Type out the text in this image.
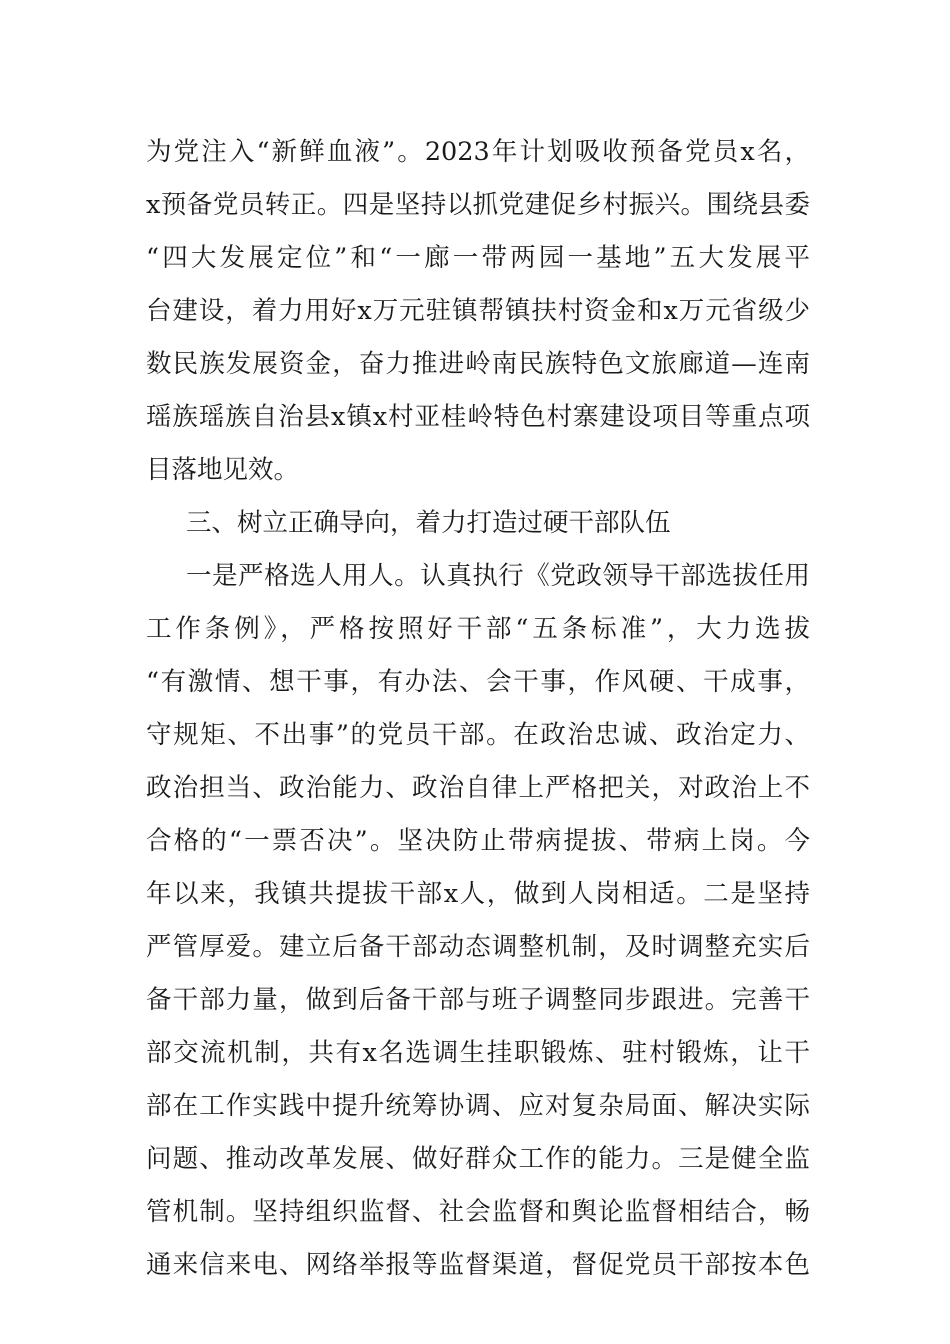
为党注入“新鲜血液”。2023年计划吸收预备党员x名，
x预备党员转正。四是坚持以抓党建促乡村振兴。围绕县委
“四大发展定位”和“一廊一带两园一基地”五大发展平
台建设，着力用好x万元驻镇帮镇扶村资金和x万元省级少
数民族发展资金，奋力推进岭南民族特色文旅廊道—连南
瑶族瑶族自治县x镇x村亚桂岭特色村寨建设项目等重点项
目落地见效。
三、树立正确导向，着力打造过硬干部队伍
一是严格选人用人。认真执行《党政领导干部选拔任用
工作条例》，严格按照好干部“五条标准”，大力选拔
“有激情、想干事，有办法、会干事，作风硬、干成事，
守规矩、不出事”的党员干部。在政治忠诚、政治定力、
政治担当、政治能力、政治自律上严格把关，对政治上不
合格的“一票否决”。坚决防止带病提拔、带病上岗。今
年以来，我镇共提拔干部x人，做到人岗相适。二是坚持
严管厚爱。建立后备干部动态调整机制，及时调整充实后
备干部力量，做到后备干部与班子调整同步跟进。完善干
部交流机制，共有x名选调生挂职锻炼、驻村锻炼，让干
部在工作实践中提升统筹协调、应对复杂局面、解决实际
问题、推动改革发展、做好群众工作的能力。三是健全监
管机制。坚持组织监督、社会监督和舆论监督相结合，畅
通来信来电、网络举报等监督渠道，督促党员干部按本色
